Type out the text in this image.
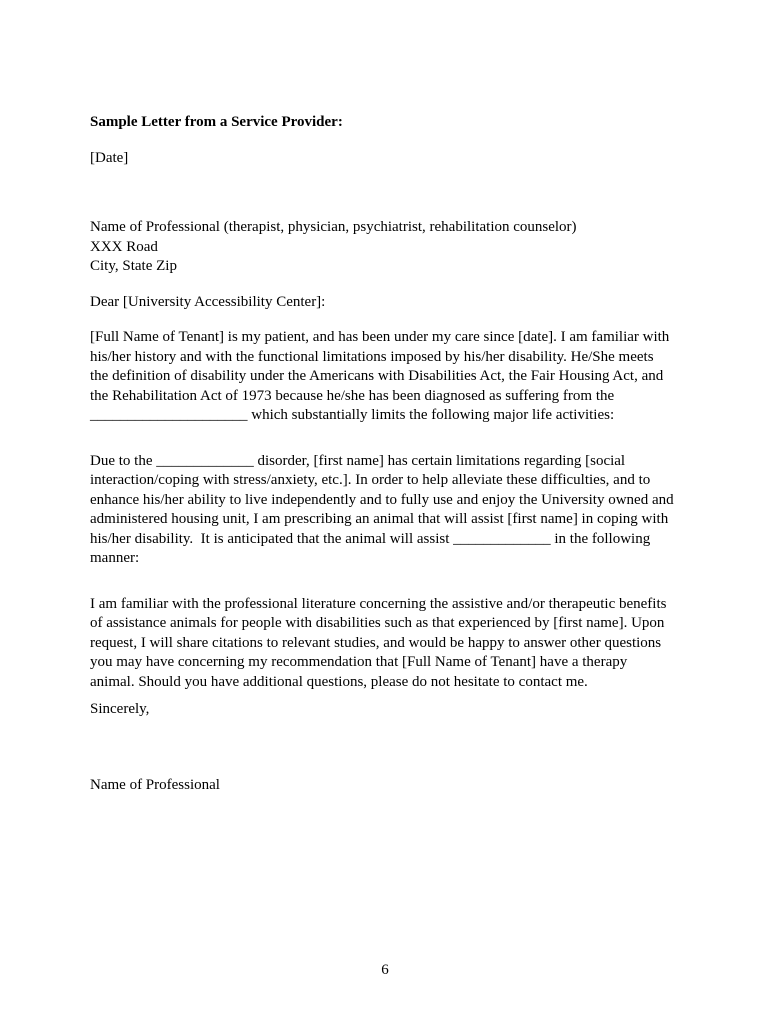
Sample Letter from a Service Provider:
[Date]
Name of Professional (therapist, physician, psychiatrist, rehabilitation counselor)
XXX Road
City, State Zip
Dear [University Accessibility Center]:
[Full Name of Tenant] is my patient, and has been under my care since [date]. I am familiar with
his/her history and with the functional limitations imposed by his/her disability. He/She meets
the definition of disability under the Americans with Disabilities Act, the Fair Housing Act, and
the Rehabilitation Act of 1973 because he/she has been diagnosed as suffering from the
_____________________ which substantially limits the following major life activities:
Due to the _____________ disorder, [first name] has certain limitations regarding [social
interaction/coping with stress/anxiety, etc.]. In order to help alleviate these difficulties, and to
enhance his/her ability to live independently and to fully use and enjoy the University owned and
administered housing unit, I am prescribing an animal that will assist [first name] in coping with
his/her disability.  It is anticipated that the animal will assist _____________ in the following
manner:
I am familiar with the professional literature concerning the assistive and/or therapeutic benefits
of assistance animals for people with disabilities such as that experienced by [first name]. Upon
request, I will share citations to relevant studies, and would be happy to answer other questions
you may have concerning my recommendation that [Full Name of Tenant] have a therapy
animal. Should you have additional questions, please do not hesitate to contact me.
Sincerely,
Name of Professional
6
